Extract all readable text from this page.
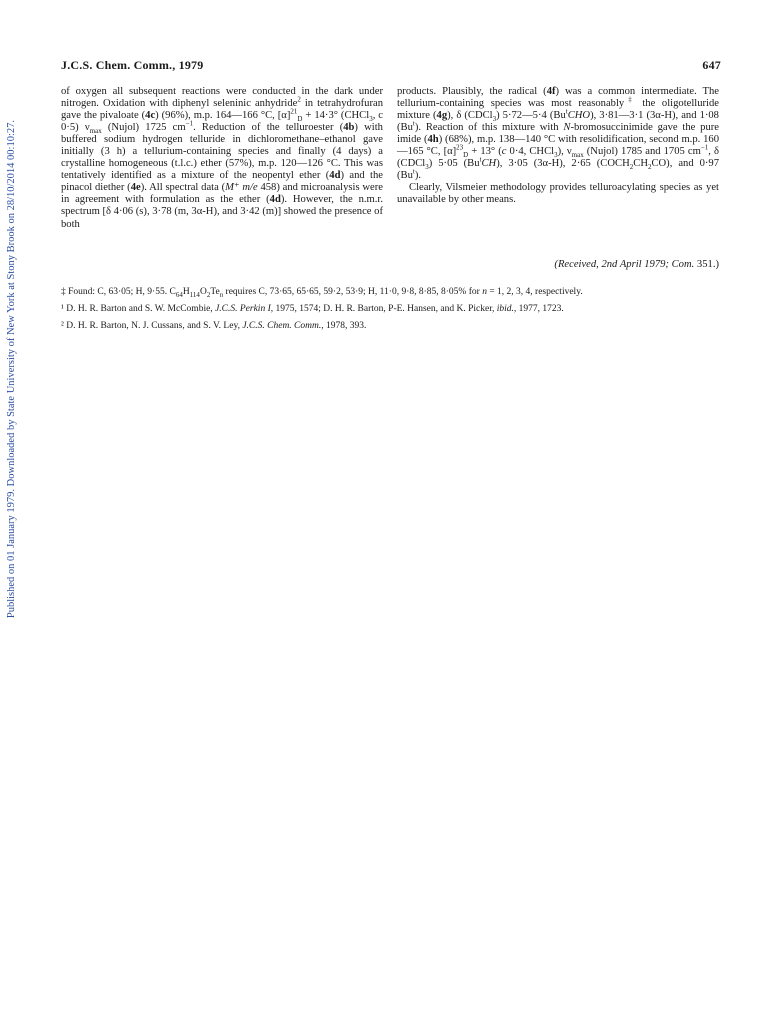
Published on 01 January 1979. Downloaded by State University of New York at Stony Brook on 28/10/2014 00:10:27.
J.C.S. Chem. Comm., 1979	647

of oxygen all subsequent reactions were conducted in the dark under nitrogen. Oxidation with diphenyl seleninic anhydride$^2$ in tetrahydrofuran gave the pivaloate (4c) (96%), m.p. 164—166 °C, $[\alpha]^{21}_D + 14\cdot 3^\circ$ (CHCl$_3$, c 0·5) $\nu_{max}$ (Nujol) 1725 $cm^{-1}$. Reduction of the telluroester (4b) with buffered sodium hydrogen telluride in dichloromethane–ethanol gave initially (3 h) a tellurium-containing species and finally (4 days) a crystalline homogeneous (t.l.c.) ether (57%), m.p. 120—126 °C. This was tentatively identified as a mixture of the neopentyl ether (4d) and the pinacol diether (4e). All spectral data (M⁺ m/e 458) and microanalysis were in agreement with formulation as the ether (4d). However, the n.m.r. spectrum [δ 4·06 (s), 3·78 (m, 3α-H), and 3·42 (m)] showed the presence of both

products. Plausibly, the radical (4f) was a common intermediate. The tellurium-containing species was most reasonably‡ the oligotelluride mixture (4g), δ (CDCl$_3$) 5·72—5·4 (Bu$^t$CHO), 3·81—3·1 (3α-H), and 1·08 (Bu$^t$). Reaction of this mixture with N-bromosuccinimide gave the pure imide (4h) (68%), m.p. 138—140 °C with resolidification, second m.p. 160—165 °C, $[\alpha]^{23}_D + 13^\circ$ (c 0·4, CHCl$_3$), $\nu_{max}$ (Nujol) 1785 and 1705 $cm^{-1}$, δ (CDCl$_3$) 5·05 (Bu$^t$CH), 3·05 (3α-H), 2·65 $(COCH_2CH_2CO)$, and 0·97 (Bu$^t$).

Clearly, Vilsmeier methodology provides telluroacylating species as yet unavailable by other means.

(Received, 2nd April 1979; Com. 351.)

‡ Found: C, 63·05; H, 9·55. $C_{64}H_{114}O_2Te_n$ requires C, 73·65, 65·65, 59·2, 53·9; H, 11·0, 9·8, 8·85, 8·05% for n = 1, 2, 3, 4, respectively.

¹ D. H. R. Barton and S. W. McCombie, J.C.S. Perkin I, 1975, 1574; D. H. R. Barton, P-E. Hansen, and K. Picker, ibid., 1977, 1723.

² D. H. R. Barton, N. J. Cussans, and S. V. Ley, J.C.S. Chem. Comm., 1978, 393.
